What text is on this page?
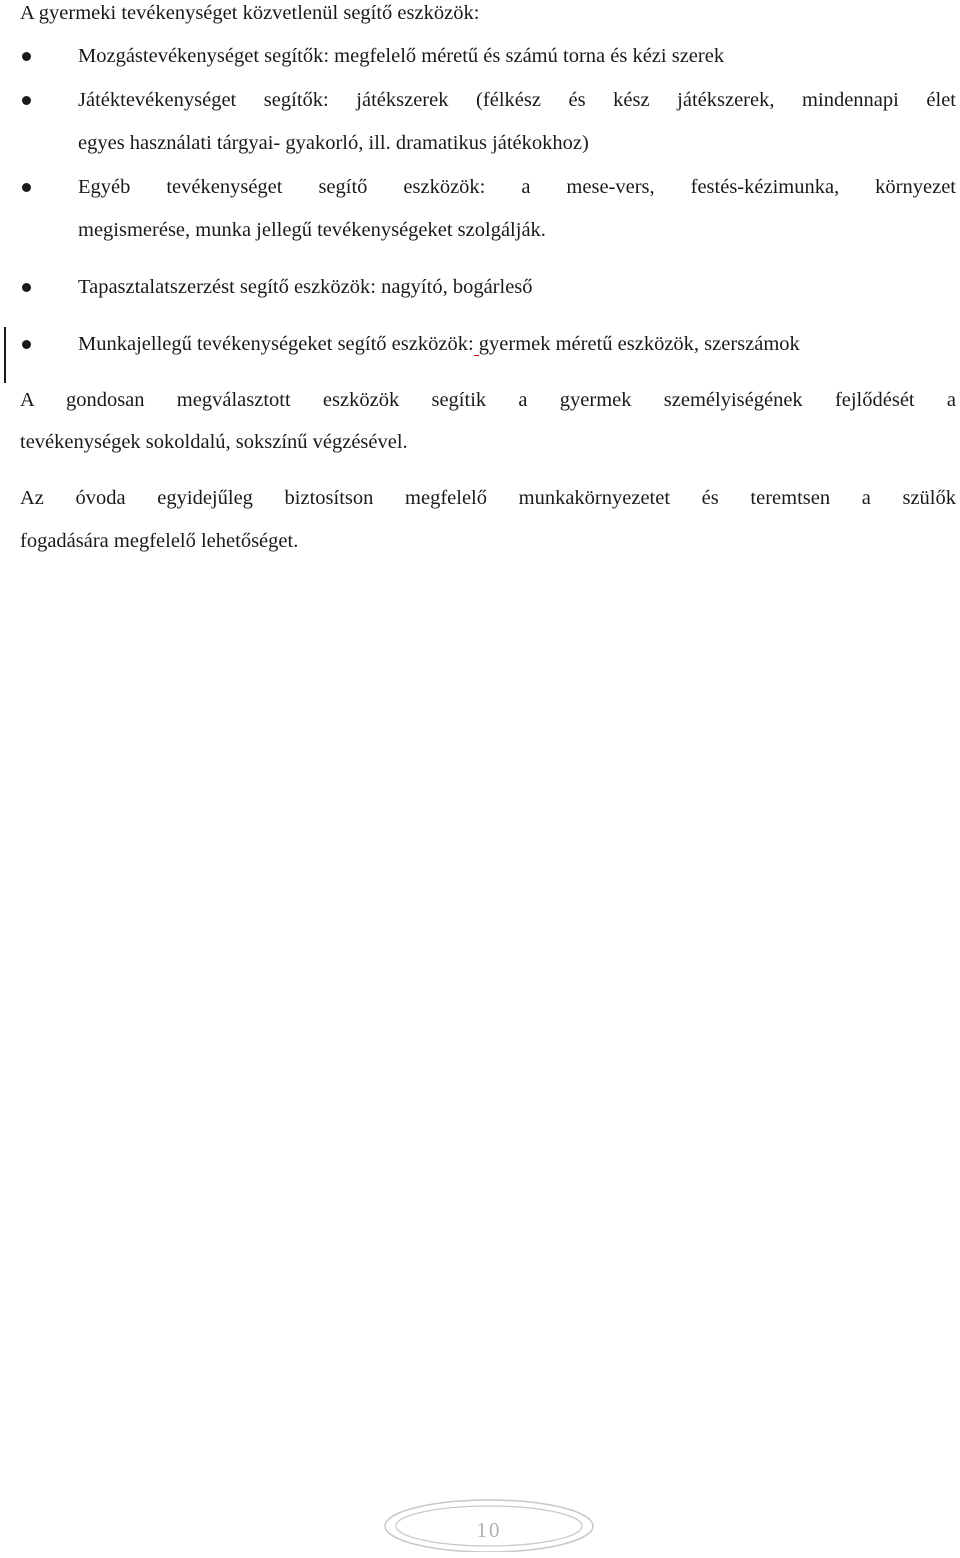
A gyermeki tevékenységet közvetlenül segítő eszközök:
Mozgástevékenységet segítők: megfelelő méretű és számú torna és kézi szerek
Játéktevékenységet segítők: játékszerek (félkész és kész játékszerek, mindennapi élet
egyes használati tárgyai- gyakorló, ill. dramatikus játékokhoz)
Egyéb tevékenységet segítő eszközök: a mese-vers, festés-kézimunka, környezet
megismerése, munka jellegű tevékenységeket szolgálják.
Tapasztalatszerzést segítő eszközök: nagyító, bogárleső
Munkajellegű tevékenységeket segítő eszközök: gyermek méretű eszközök, szerszámok
A gondosan megválasztott eszközök segítik a gyermek személyiségének fejlődését a
tevékenységek sokoldalú, sokszínű végzésével.
Az óvoda egyidejűleg biztosítson megfelelő munkakörnyezetet és teremtsen a szülők
fogadására megfelelő lehetőséget.
10
